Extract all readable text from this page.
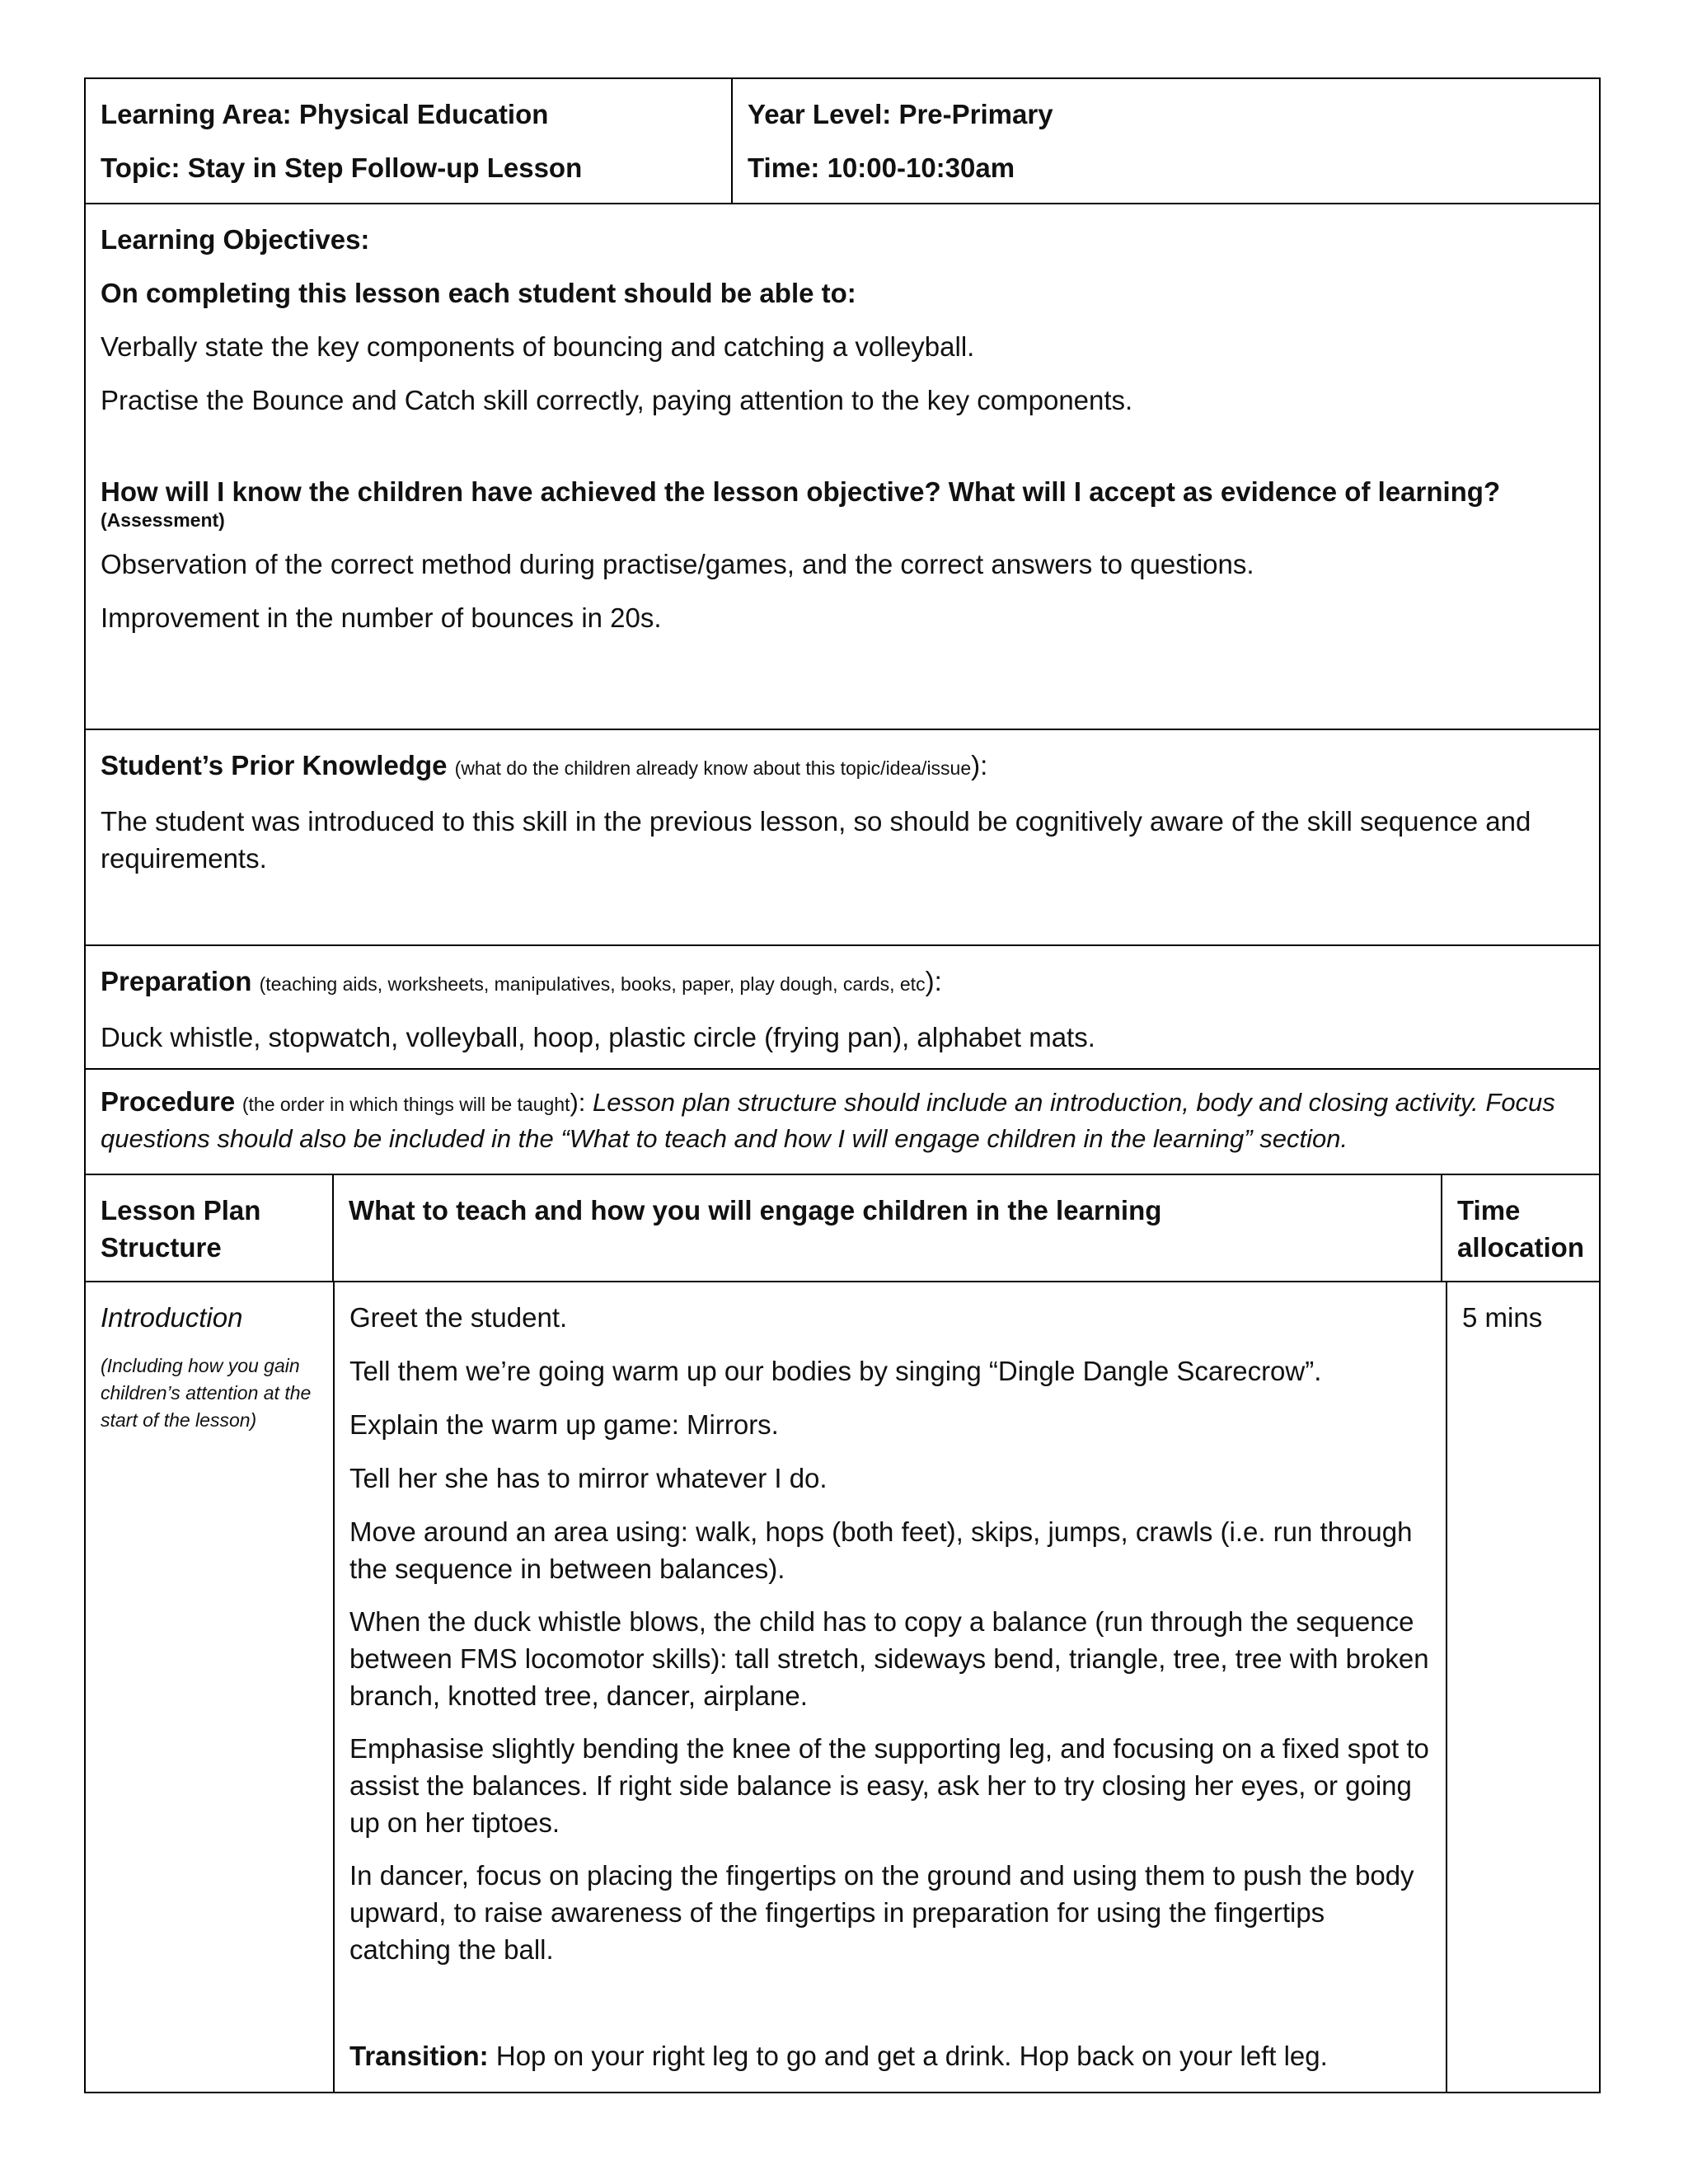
Learning Area: Physical Education

Topic: Stay in Step Follow-up Lesson

Year Level: Pre-Primary

Time: 10:00-10:30am

Learning Objectives:

On completing this lesson each student should be able to:

Verbally state the key components of bouncing and catching a volleyball.

Practise the Bounce and Catch skill correctly, paying attention to the key components.

How will I know the children have achieved the lesson objective? What will I accept as evidence of learning?

(Assessment)

Observation of the correct method during practise/games, and the correct answers to questions.

Improvement in the number of bounces in 20s.

Student’s Prior Knowledge (what do the children already know about this topic/idea/issue):

The student was introduced to this skill in the previous lesson, so should be cognitively aware of the skill sequence and requirements.

Preparation (teaching aids, worksheets, manipulatives, books, paper, play dough, cards, etc):

Duck whistle, stopwatch, volleyball, hoop, plastic circle (frying pan), alphabet mats.

Procedure (the order in which things will be taught): Lesson plan structure should include an introduction, body and closing activity. Focus questions should also be included in the “What to teach and how I will engage children in the learning” section.

Lesson Plan Structure

What to teach and how you will engage children in the learning	Time allocation

Introduction

(Including how you gain children’s attention at the start of the lesson)

Greet the student.

Tell them we’re going warm up our bodies by singing “Dingle Dangle Scarecrow”.

Explain the warm up game: Mirrors.

Tell her she has to mirror whatever I do.

Move around an area using: walk, hops (both feet), skips, jumps, crawls (i.e. run through the sequence in between balances).

When the duck whistle blows, the child has to copy a balance (run through the sequence between FMS locomotor skills): tall stretch, sideways bend, triangle, tree, tree with broken branch, knotted tree, dancer, airplane.

Emphasise slightly bending the knee of the supporting leg, and focusing on a fixed spot to assist the balances. If right side balance is easy, ask her to try closing her eyes, or going up on her tiptoes.

In dancer, focus on placing the fingertips on the ground and using them to push the body upward, to raise awareness of the fingertips in preparation for using the fingertips catching the ball.

Transition: Hop on your right leg to go and get a drink. Hop back on your left leg.

5 mins
